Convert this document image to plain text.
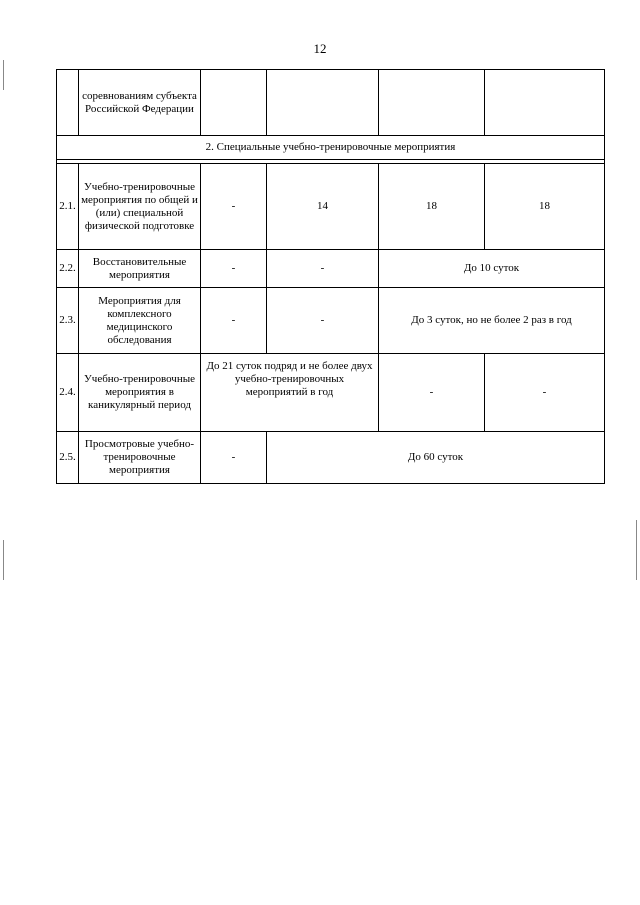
12
	соревнованиям субъекта Российской Федерации				
2. Специальные учебно-тренировочные мероприятия					

2.1.	Учебно-тренировочные мероприятия по общей и (или) специальной физической подготовке	-	14	18	18
2.2.	Восстановительные мероприятия	-	-	До 10 суток	
2.3.	Мероприятия для комплексного медицинского обследования	-	-	До 3 суток, но не более 2 раз в год	
2.4.	Учебно-тренировочные мероприятия в каникулярный период	До 21 суток подряд и не более двух учебно-тренировочных мероприятий в год		-	-
2.5.	Просмотровые учебно-тренировочные мероприятия	-	До 60 суток		
